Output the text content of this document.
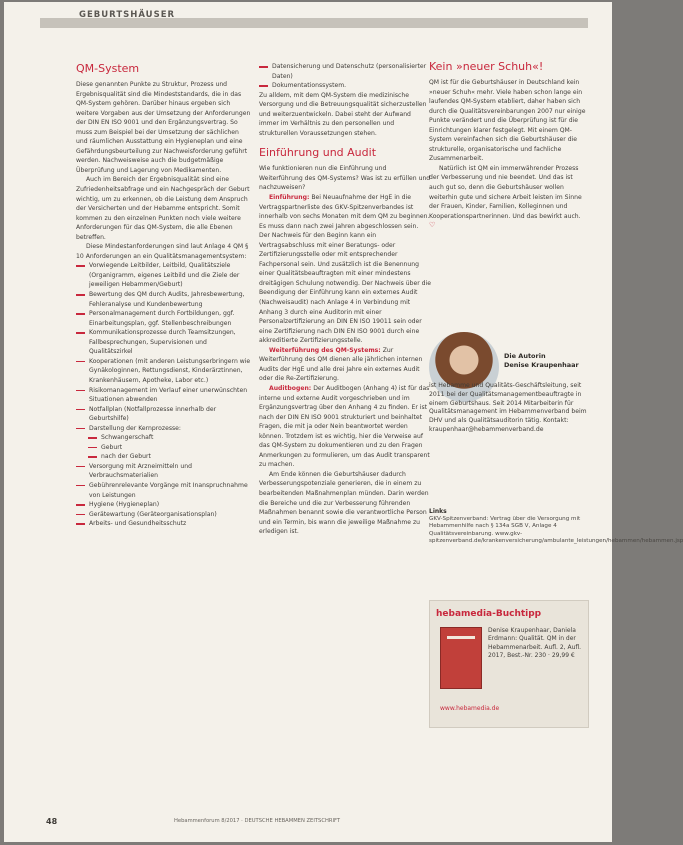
GEBURTSHÄUSER
QM-System

Diese genannten Punkte zu Struktur, Prozess und Ergebnisqualität sind die Mindeststandards, die in das QM-System gehören. Darüber hinaus ergeben sich weitere Vorgaben aus der Umsetzung der Anforderungen der DIN EN ISO 9001 und den Ergänzungsvertrag. So muss zum Beispiel bei der Umsetzung der sächlichen und räumlichen Ausstattung ein Hygieneplan und eine Gefährdungsbeurteilung zur Nachweisforderung geführt werden. Nachweisweise auch die budgetmäßige Überprüfung und Lagerung von Medikamenten.

Auch im Bereich der Ergebnisqualität sind eine Zufriedenheitsabfrage und ein Nachgespräch der Geburt wichtig, um zu erkennen, ob die Leistung dem Anspruch der Versicherten und der Hebamme entspricht. Somit kommen zu den einzelnen Punkten noch viele weitere Anforderungen für das QM-System, die alle Ebenen betreffen.

Diese Mindestanforderungen sind laut Anlage 4 QM § 10 Anforderungen an ein Qualitätsmanagementsystem:

Vorwiegende Leitbilder, Leitbild, Qualitätsziele (Organigramm, eigenes Leitbild und die Ziele der jeweiligen Hebammen/Geburt)
Bewertung des QM durch Audits, Jahresbewertung, Fehleranalyse und Kundenbewertung
Personalmanagement durch Fortbildungen, ggf. Einarbeitungsplan, ggf. Stellenbeschreibungen
Kommunikationsprozesse durch Teamsitzungen, Fallbesprechungen, Supervisionen und Qualitätszirkel
Kooperationen (mit anderen Leistungserbringern wie Gynäkologinnen, Rettungsdienst, Kinderärztinnen, Krankenhäusern, Apotheke, Labor etc.)
Risikomanagement im Verlauf einer unerwünschten Situationen abwenden
Notfallplan (Notfallprozesse innerhalb der Geburtshilfe)
Darstellung der Kernprozesse:
Schwangerschaft
Geburt
nach der Geburt
Versorgung mit Arzneimitteln und Verbrauchsmaterialien
Gebührenrelevante Vorgänge mit Inanspruchnahme von Leistungen
Hygiene (Hygieneplan)
Gerätewartung (Geräteorganisationsplan)
Arbeits- und Gesundheitsschutz
Datensicherung und Datenschutz (personalisierter Daten)
Dokumentationssystem.

Zu alldem, mit dem QM-System die medizinische Versorgung und die Betreuungsqualität sicherzustellen und weiterzuentwickeln. Dabei steht der Aufwand immer im Verhältnis zu den personellen und strukturellen Voraussetzungen stehen.

Einführung und Audit

Wie funktionieren nun die Einführung und Weiterführung des QM-Systems? Was ist zu erfüllen und nachzuweisen?

Einführung: Bei Neuaufnahme der HgE in die Vertragspartnerliste des GKV-Spitzenverbandes ist innerhalb von sechs Monaten mit dem QM zu beginnen. Es muss dann nach zwei Jahren abgeschlossen sein. Der Nachweis für den Beginn kann ein Vertragsabschluss mit einer Beratungs- oder Zertifizierungsstelle oder mit entsprechender Fachpersonal sein. Und zusätzlich ist die Benennung einer Qualitätsbeauftragten mit einer mindestens dreitägigen Schulung notwendig. Der Nachweis über die Beendigung der Einführung kann ein externes Audit (Nachweisaudit) nach Anlage 4 in Verbindung mit Anhang 3 durch eine Auditorin mit einer Personalzertifizierung an DIN EN ISO 19011 sein oder eine Zertifizierung nach DIN EN ISO 9001 durch eine akkreditierte Zertifizierungsstelle.

Weiterführung des QM-Systems: Zur Weiterführung des QM dienen alle jährlichen internen Audits der HgE und alle drei Jahre ein externes Audit oder die Re-Zertifizierung.

Auditbogen: Der Auditbogen (Anhang 4) ist für das interne und externe Audit vorgeschrieben und im Ergänzungsvertrag über den Anhang 4 zu finden. Er ist nach der DIN EN ISO 9001 strukturiert und beinhaltet Fragen, die mit ja oder Nein beantwortet werden können. Trotzdem ist es wichtig, hier die Verweise auf das QM-System zu dokumentieren und zu den Fragen Anmerkungen zu formulieren, um das Audit transparent zu machen.

Am Ende können die Geburtshäuser dadurch Verbesserungspotenziale generieren, die in einem zu bearbeitenden Maßnahmenplan münden. Darin werden die Bereiche und die zur Verbesserung führenden Maßnahmen benannt sowie die verantwortliche Person und ein Termin, bis wann die jeweilige Maßnahme zu erledigen ist.

Kein »neuer Schuh«!

QM ist für die Geburtshäuser in Deutschland kein »neuer Schuh« mehr. Viele haben schon lange ein laufendes QM-System etabliert, daher haben sich durch die Qualitätsvereinbarungen 2007 nur einige Punkte verändert und die Überprüfung ist für die Einrichtungen klarer festgelegt. Mit einem QM-System vereinfachen sich die Geburtshäuser die strukturelle, organisatorische und fachliche Zusammenarbeit.

Natürlich ist QM ein immerwährender Prozess der Verbesserung und nie beendet. Und das ist auch gut so, denn die Geburtshäuser wollen weiterhin gute und sichere Arbeit leisten im Sinne der Frauen, Kinder, Familien, Kolleginnen und Kooperationspartnerinnen. Und das bewirkt auch. ♡

Die Autorin
Denise Kraupenhaar
ist Hebamme und Qualitäts-Geschäftsleitung, seit 2011 bei der Qualitätsmanagementbeauftragte in einem Geburtshaus. Seit 2014 Mitarbeiterin für Qualitätsmanagement im Hebammenverband beim DHV und als Qualitätsauditorin tätig. Kontakt: kraupenhaar@hebammenverband.de
Links
GKV-Spitzenverband: Vertrag über die Versorgung mit Hebammenhilfe nach § 134a SGB V, Anlage 4 Qualitätsvereinbarung. www.gkv-spitzenverband.de/krankenversicherung/ambulante_leistungen/hebammen/hebammen.jsp
hebamedia-Buchtipp
Denise Kraupenhaar, Daniela Erdmann: Qualität. QM in der Hebammenarbeit. Aufl. 2, Aufl. 2017, Best.-Nr. 230 · 29,99 €
www.hebamedia.de
48	Hebammenforum 8/2017 · DEUTSCHE HEBAMMEN ZEITSCHRIFT
